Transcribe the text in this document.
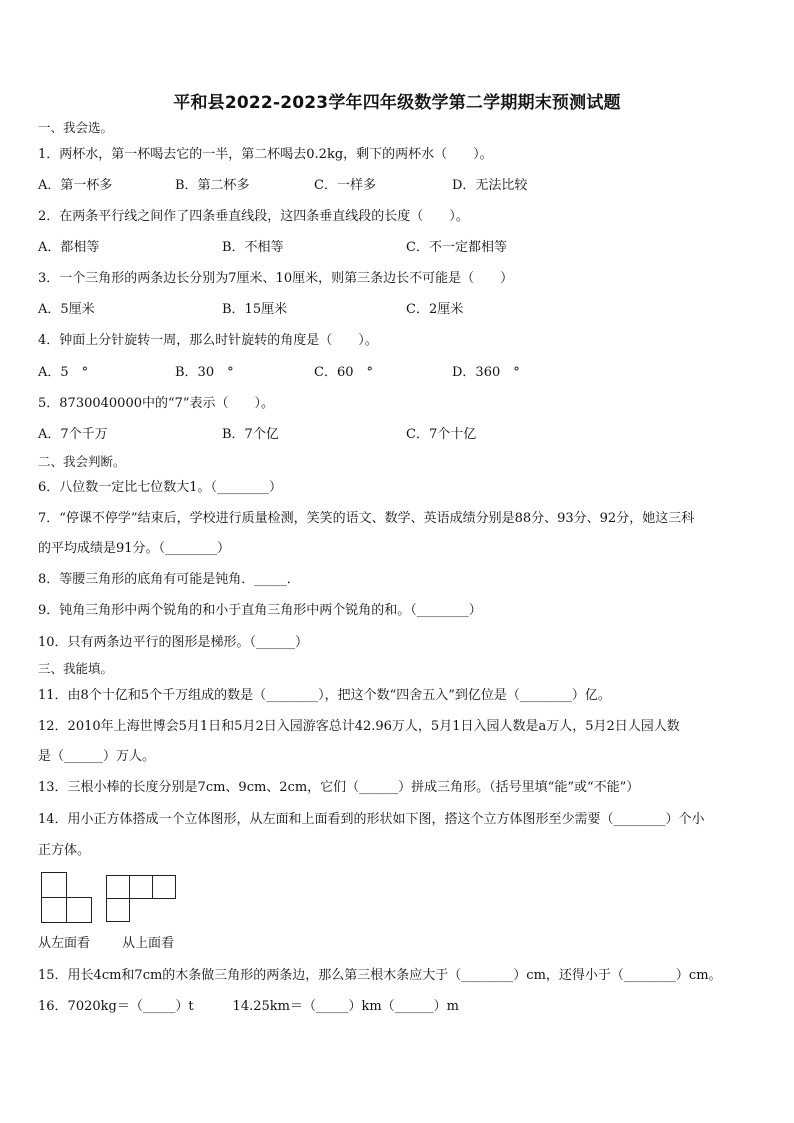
平和县2022-2023学年四年级数学第二学期期末预测试题
一、我会选。
1．两杯水，第一杯喝去它的一半，第二杯喝去0.2kg，剩下的两杯水（　　）。
A．第一杯多	B．第二杯多	C．一样多	D．无法比较
2．在两条平行线之间作了四条垂直线段，这四条垂直线段的长度（　　）。
A．都相等	B．不相等	C．不一定都相等
3．一个三角形的两条边长分别为7厘米、10厘米，则第三条边长不可能是（　　）
A．5厘米	B．15厘米	C．2厘米
4．钟面上分针旋转一周，那么时针旋转的角度是（　　）。
A．5　°	B．30　°	C．60　°	D．360　°
5．8730040000中的“7”表示（　　）。
A．7个千万	B．7个亿	C．7个十亿
二、我会判断。
6．八位数一定比七位数大1。（________）
7．“停课不停学”结束后，学校进行质量检测，笑笑的语文、数学、英语成绩分别是88分、93分、92分，她这三科
的平均成绩是91分。（________）
8．等腰三角形的底角有可能是钝角．_____．
9．钝角三角形中两个锐角的和小于直角三角形中两个锐角的和。（________）
10．只有两条边平行的图形是梯形。（______）
三、我能填。
11．由8个十亿和5个千万组成的数是（________），把这个数“四舍五入”到亿位是（________）亿。
12．2010年上海世博会5月1日和5月2日入园游客总计42.96万人，5月1日入园人数是a万人，5月2日人园人数
是（______）万人。
13．三根小棒的长度分别是7cm、9cm、2cm，它们（______）拼成三角形。（括号里填“能”或“不能”）
14．用小正方体搭成一个立体图形，从左面和上面看到的形状如下图，搭这个立方体图形至少需要（________）个小
正方体。
从左面看 从上面看
15．用长4cm和7cm的木条做三角形的两条边，那么第三根木条应大于（________）cm，还得小于（________）cm。
16．7020kg＝（_____）t　　　14.25km＝（_____）km（______）m
